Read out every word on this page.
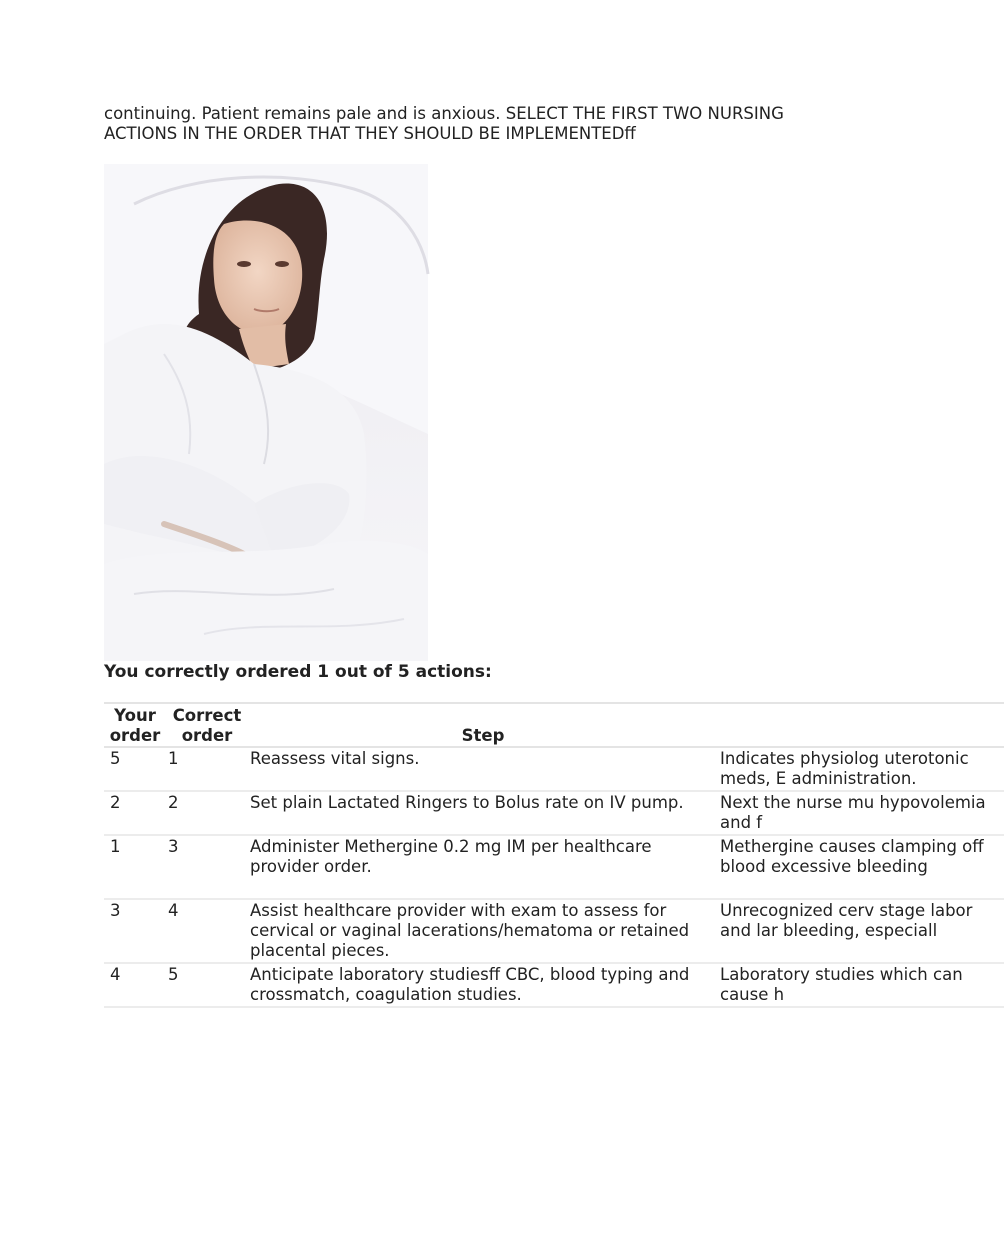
continuing. Patient remains pale and is anxious. SELECT THE FIRST TWO NURSING ACTIONS IN THE ORDER THAT THEY SHOULD BE IMPLEMENTEDff
You correctly ordered 1 out of 5 actions:
Your order	Correct order	Step	
5	1	Reassess vital signs.	Indicates physiolog uterotonic meds, E administration.
2	2	Set plain Lactated Ringers to Bolus rate on IV pump.	Next the nurse mu hypovolemia and f
1	3	Administer Methergine 0.2 mg IM per healthcare provider order.	Methergine causes clamping off blood excessive bleeding
3	4	Assist healthcare provider with exam to assess for cervical or vaginal lacerations/hematoma or retained placental pieces.	Unrecognized cerv stage labor and lar bleeding, especiall
4	5	Anticipate laboratory studiesff CBC, blood typing and crossmatch, coagulation studies.	Laboratory studies which can cause h
